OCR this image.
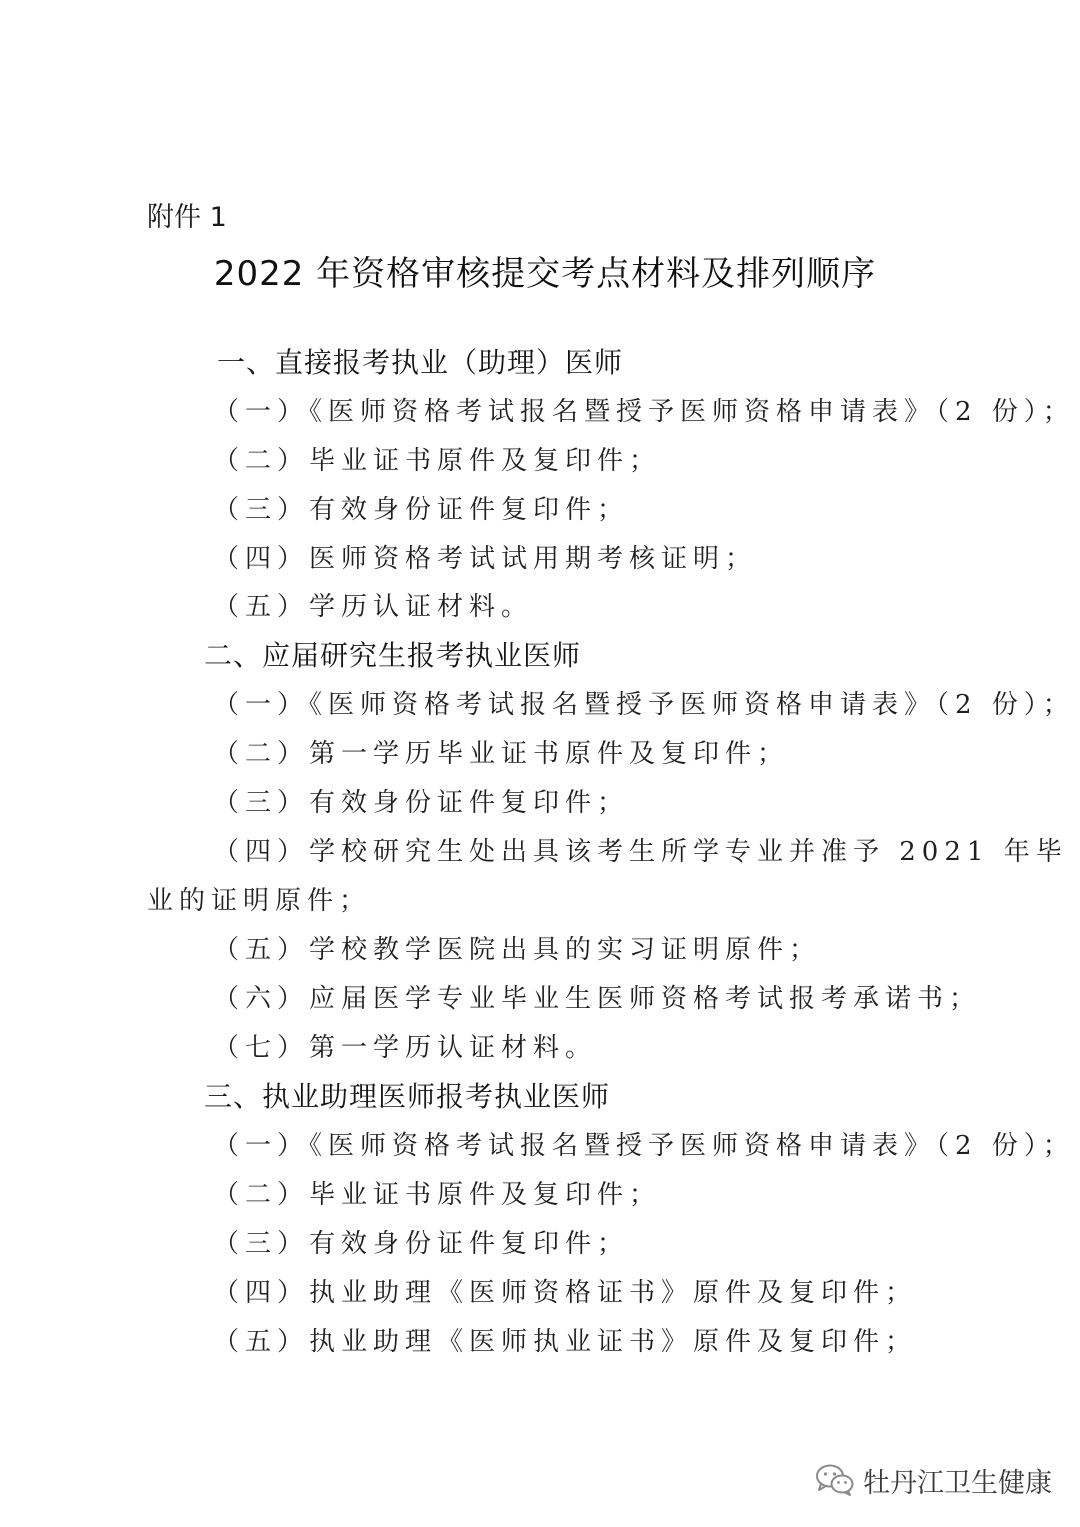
附件 1
2022 年资格审核提交考点材料及排列顺序
一、直接报考执业（助理）医师
（一）《医师资格考试报名暨授予医师资格申请表》（2 份）；
（二）毕业证书原件及复印件；
（三）有效身份证件复印件；
（四）医师资格考试试用期考核证明；
（五）学历认证材料。
二、应届研究生报考执业医师
（一）《医师资格考试报名暨授予医师资格申请表》（2 份）；
（二）第一学历毕业证书原件及复印件；
（三）有效身份证件复印件；
（四）学校研究生处出具该考生所学专业并准予 2021 年毕
业的证明原件；
（五）学校教学医院出具的实习证明原件；
（六）应届医学专业毕业生医师资格考试报考承诺书；
（七）第一学历认证材料。
三、执业助理医师报考执业医师
（一）《医师资格考试报名暨授予医师资格申请表》（2 份）；
（二）毕业证书原件及复印件；
（三）有效身份证件复印件；
（四）执业助理《医师资格证书》原件及复印件；
（五）执业助理《医师执业证书》原件及复印件；
牡丹江卫生健康
